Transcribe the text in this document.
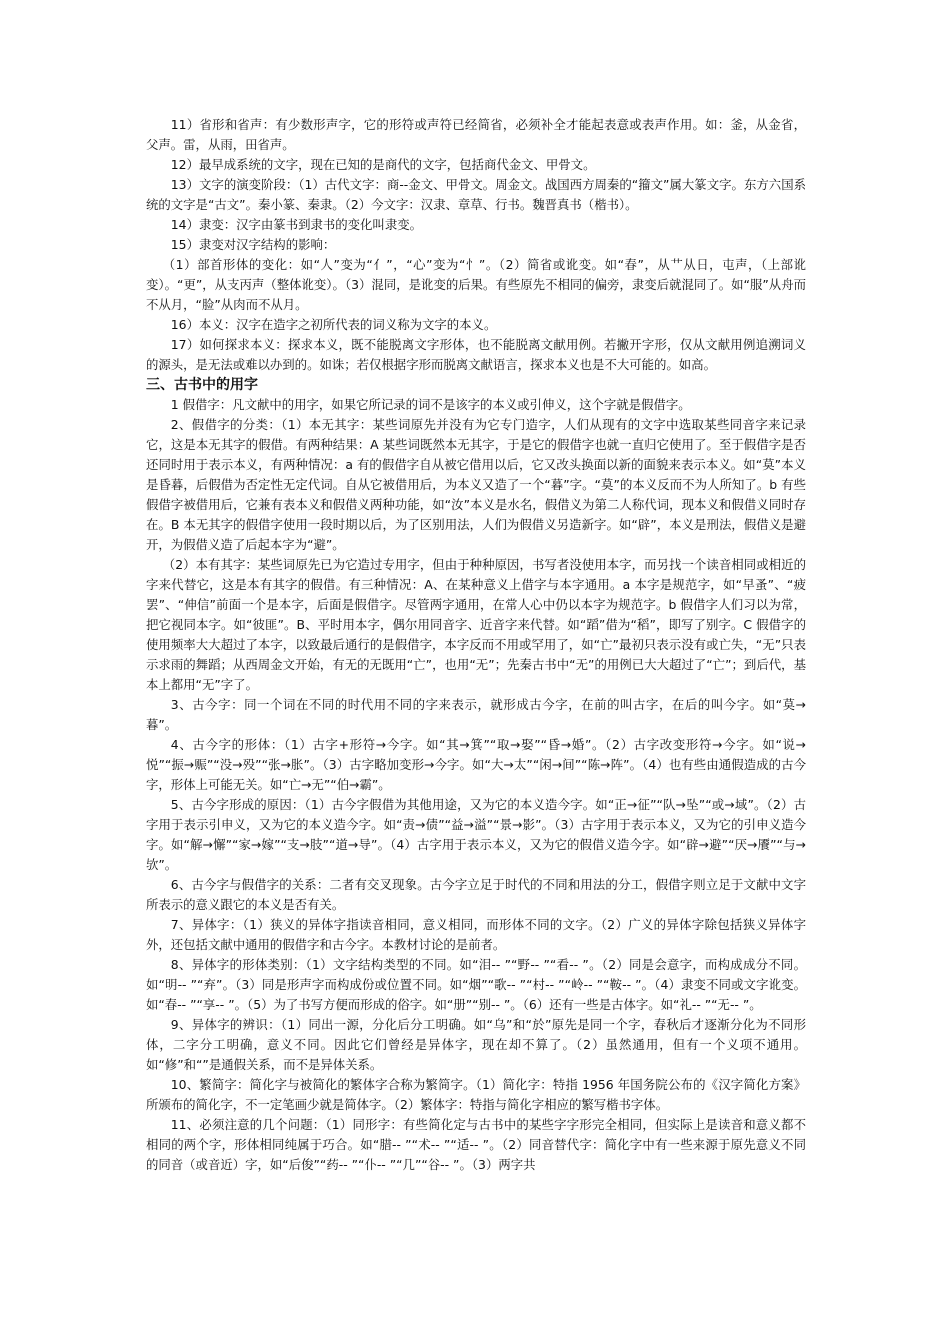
11）省形和省声：有少数形声字，它的形符或声符已经简省，必须补全才能起表意或表声作用。如：釜，从金省，父声。雷，从雨，田省声。

12）最早成系统的文字，现在已知的是商代的文字，包括商代金文、甲骨文。

13）文字的演变阶段：（1）古代文字：商--金文、甲骨文。周金文。战国西方周秦的“籀文”属大篆文字。东方六国系统的文字是“古文”。秦小篆、秦隶。（2）今文字：汉隶、章草、行书。魏晋真书（楷书）。

14）隶变：汉字由篆书到隶书的变化叫隶变。

15）隶变对汉字结构的影响：

（1）部首形体的变化：如“人”变为“亻”，“心”变为“忄”。（2）简省或讹变。如“春”，从艹从日，屯声，（上部讹变）。“更”，从支丙声（整体讹变）。（3）混同，是讹变的后果。有些原先不相同的偏旁，隶变后就混同了。如“服”从舟而不从月，“脸”从肉而不从月。

16）本义：汉字在造字之初所代表的词义称为文字的本义。

17）如何探求本义：探求本义，既不能脱离文字形体，也不能脱离文献用例。若撇开字形，仅从文献用例追溯词义的源头，是无法或难以办到的。如诛；若仅根据字形而脱离文献语言，探求本义也是不大可能的。如高。

三、古书中的用字

1 假借字：凡文献中的用字，如果它所记录的词不是该字的本义或引伸义，这个字就是假借字。

2、假借字的分类：（1）本无其字：某些词原先并没有为它专门造字，人们从现有的文字中选取某些同音字来记录它，这是本无其字的假借。有两种结果：A 某些词既然本无其字，于是它的假借字也就一直归它使用了。至于假借字是否还同时用于表示本义，有两种情况：a 有的假借字自从被它借用以后，它又改头换面以新的面貌来表示本义。如“莫”本义是昏暮，后假借为否定性无定代词。自从它被借用后，为本义又造了一个“暮”字。“莫”的本义反而不为人所知了。b 有些假借字被借用后，它兼有表本义和假借义两种功能，如“汝”本义是水名，假借义为第二人称代词，现本义和假借义同时存在。B 本无其字的假借字使用一段时期以后，为了区别用法，人们为假借义另造新字。如“辟”，本义是刑法，假借义是避开，为假借义造了后起本字为“避”。

（2）本有其字：某些词原先已为它造过专用字，但由于种种原因，书写者没使用本字，而另找一个读音相同或相近的字来代替它，这是本有其字的假借。有三种情况：A、在某种意义上借字与本字通用。a 本字是规范字，如“早蚤”、“疲罢”、“伸信”前面一个是本字，后面是假借字。尽管两字通用，在常人心中仍以本字为规范字。b 假借字人们习以为常，把它视同本字。如“彼匪”。B、平时用本字，偶尔用同音字、近音字来代替。如“蹈”借为“稻”，即写了别字。C 假借字的使用频率大大超过了本字，以致最后通行的是假借字，本字反而不用或罕用了，如“亡”最初只表示没有或亡失，“无”只表示求雨的舞蹈；从西周金文开始，有无的无既用“亡”，也用“无”；先秦古书中“无”的用例已大大超过了“亡”；到后代，基本上都用“无”字了。

3、古今字：同一个词在不同的时代用不同的字来表示，就形成古今字，在前的叫古字，在后的叫今字。如“莫→暮”。

4、古今字的形体：（1）古字+形符→今字。如“其→箕”“取→娶”“昏→婚”。（2）古字改变形符→今字。如“说→悦”“振→赈”“没→殁”“张→胀”。（3）古字略加变形→今字。如“大→太”“闲→间”“陈→阵”。（4）也有些由通假造成的古今字，形体上可能无关。如“亡→无”“伯→霸”。

5、古今字形成的原因：（1）古今字假借为其他用途，又为它的本义造今字。如“正→征”“队→坠”“或→域”。（2）古字用于表示引申义，又为它的本义造今字。如“责→债”“益→溢”“景→影”。（3）古字用于表示本义，又为它的引申义造今字。如“解→懈”“家→嫁”“支→肢”“道→导”。（4）古字用于表示本义，又为它的假借义造今字。如“辟→避”“厌→餍”“与→欤”。

6、古今字与假借字的关系：二者有交叉现象。古今字立足于时代的不同和用法的分工，假借字则立足于文献中文字所表示的意义跟它的本义是否有关。

7、异体字：（1）狭义的异体字指读音相同，意义相同，而形体不同的文字。（2）广义的异体字除包括狭义异体字外，还包括文献中通用的假借字和古今字。本教材讨论的是前者。

8、异体字的形体类别：（1）文字结构类型的不同。如“泪-- ”“野-- ”“看-- ”。（2）同是会意字，而构成成分不同。如“明-- ”“弃”。（3）同是形声字而构成份或位置不同。如“烟”“歌-- ”“村-- ”“岭-- ”“鞍-- ”。（4）隶变不同或文字讹变。如“春-- ”“享-- ”。（5）为了书写方便而形成的俗字。如“册”“别-- ”。（6）还有一些是古体字。如“礼-- ”“无-- ”。

9、异体字的辨识：（1）同出一源，分化后分工明确。如“乌”和“於”原先是同一个字，春秋后才逐渐分化为不同形体，二字分工明确，意义不同。因此它们曾经是异体字，现在却不算了。（2）虽然通用，但有一个义项不通用。如“修”和“”是通假关系，而不是异体关系。

10、繁简字：简化字与被简化的繁体字合称为繁简字。（1）简化字：特指 1956 年国务院公布的《汉字简化方案》所颁布的简化字，不一定笔画少就是简体字。（2）繁体字：特指与简化字相应的繁写楷书字体。

11、必须注意的几个问题：（1）同形字：有些简化定与古书中的某些字字形完全相同，但实际上是读音和意义都不相同的两个字，形体相同纯属于巧合。如“腊-- ”“术-- ”“适-- ”。（2）同音替代字：简化字中有一些来源于原先意义不同的同音（或音近）字，如“后俊”“药-- ”“仆-- ”“几”“谷-- ”。（3）两字共
